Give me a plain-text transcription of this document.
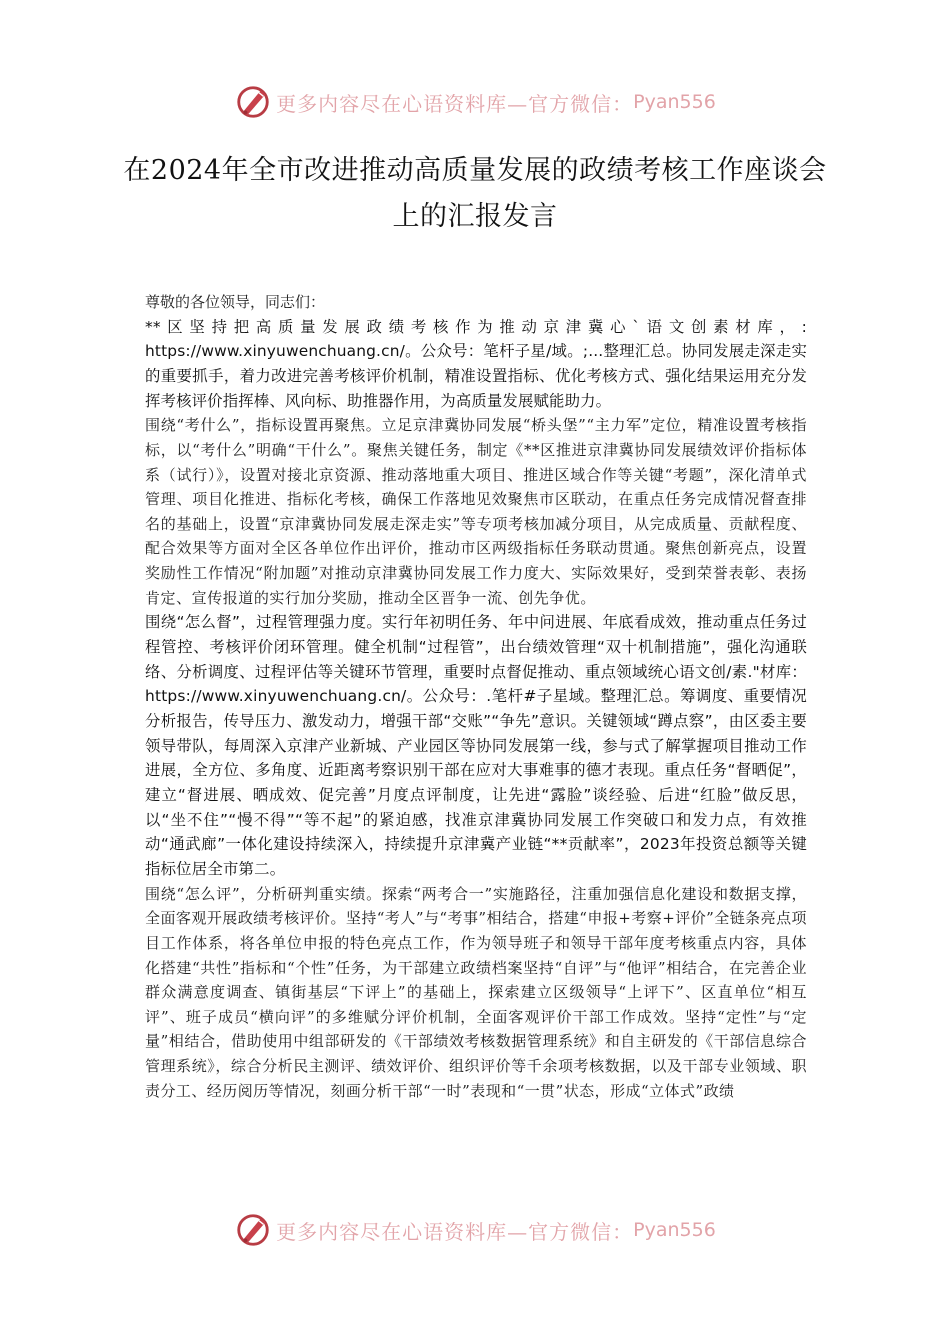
更多内容尽在心语资料库—官方微信： Pyan556
在2024年全市改进推动高质量发展的政绩考核工作座谈会上的汇报发言

尊敬的各位领导，同志们：

**区坚持把高质量发展政绩考核作为推动京津冀心`语文创素材库，: https://www.xinyuwenchuang.cn/。公众号：笔杆子星/域。;...整理汇总。协同发展走深走实的重要抓手，着力改进完善考核评价机制，精准设置指标、优化考核方式、强化结果运用充分发挥考核评价指挥棒、风向标、助推器作用，为高质量发展赋能助力。

围绕“考什么”，指标设置再聚焦。立足京津冀协同发展“桥头堡”“主力军”定位，精准设置考核指标，以“考什么”明确“干什么”。聚焦关键任务，制定《**区推进京津冀协同发展绩效评价指标体系（试行）》，设置对接北京资源、推动落地重大项目、推进区域合作等关键“考题”，深化清单式管理、项目化推进、指标化考核，确保工作落地见效聚焦市区联动，在重点任务完成情况督查排名的基础上，设置“京津冀协同发展走深走实”等专项考核加减分项目，从完成质量、贡献程度、配合效果等方面对全区各单位作出评价，推动市区两级指标任务联动贯通。聚焦创新亮点，设置奖励性工作情况“附加题”对推动京津冀协同发展工作力度大、实际效果好，受到荣誉表彰、表扬肯定、宣传报道的实行加分奖励，推动全区晋争一流、创先争优。

围绕“怎么督”，过程管理强力度。实行年初明任务、年中问进展、年底看成效，推动重点任务过程管控、考核评价闭环管理。健全机制“过程管”，出台绩效管理“双十机制措施”，强化沟通联络、分析调度、过程评估等关键环节管理，重要时点督促推动、重点领域统心语文创/素."材库：https://www.xinyuwenchuang.cn/。公众号：.笔杆#子星域。整理汇总。筹调度、重要情况分析报告，传导压力、激发动力，增强干部“交账”“争先”意识。关键领域“蹲点察”，由区委主要领导带队，每周深入京津产业新城、产业园区等协同发展第一线，参与式了解掌握项目推动工作进展，全方位、多角度、近距离考察识别干部在应对大事难事的德才表现。重点任务“督晒促”，建立“督进展、晒成效、促完善”月度点评制度，让先进“露脸”谈经验、后进“红脸”做反思，以“坐不住”“慢不得”“等不起”的紧迫感，找准京津冀协同发展工作突破口和发力点，有效推动“通武廊”一体化建设持续深入，持续提升京津冀产业链“**贡献率”，2023年投资总额等关键指标位居全市第二。

围绕“怎么评”，分析研判重实绩。探索“两考合一”实施路径，注重加强信息化建设和数据支撑，全面客观开展政绩考核评价。坚持“考人”与“考事”相结合，搭建“申报+考察+评价”全链条亮点项目工作体系，将各单位申报的特色亮点工作，作为领导班子和领导干部年度考核重点内容，具体化搭建“共性”指标和“个性”任务，为干部建立政绩档案坚持“自评”与“他评”相结合，在完善企业群众满意度调查、镇街基层“下评上”的基础上，探索建立区级领导“上评下”、区直单位“相互评”、班子成员“横向评”的多维赋分评价机制，全面客观评价干部工作成效。坚持“定性”与“定量”相结合，借助使用中组部研发的《干部绩效考核数据管理系统》和自主研发的《干部信息综合管理系统》，综合分析民主测评、绩效评价、组织评价等千余项考核数据，以及干部专业领域、职责分工、经历阅历等情况，刻画分析干部“一时”表现和“一贯”状态，形成“立体式”政绩

更多内容尽在心语资料库—官方微信： Pyan556
